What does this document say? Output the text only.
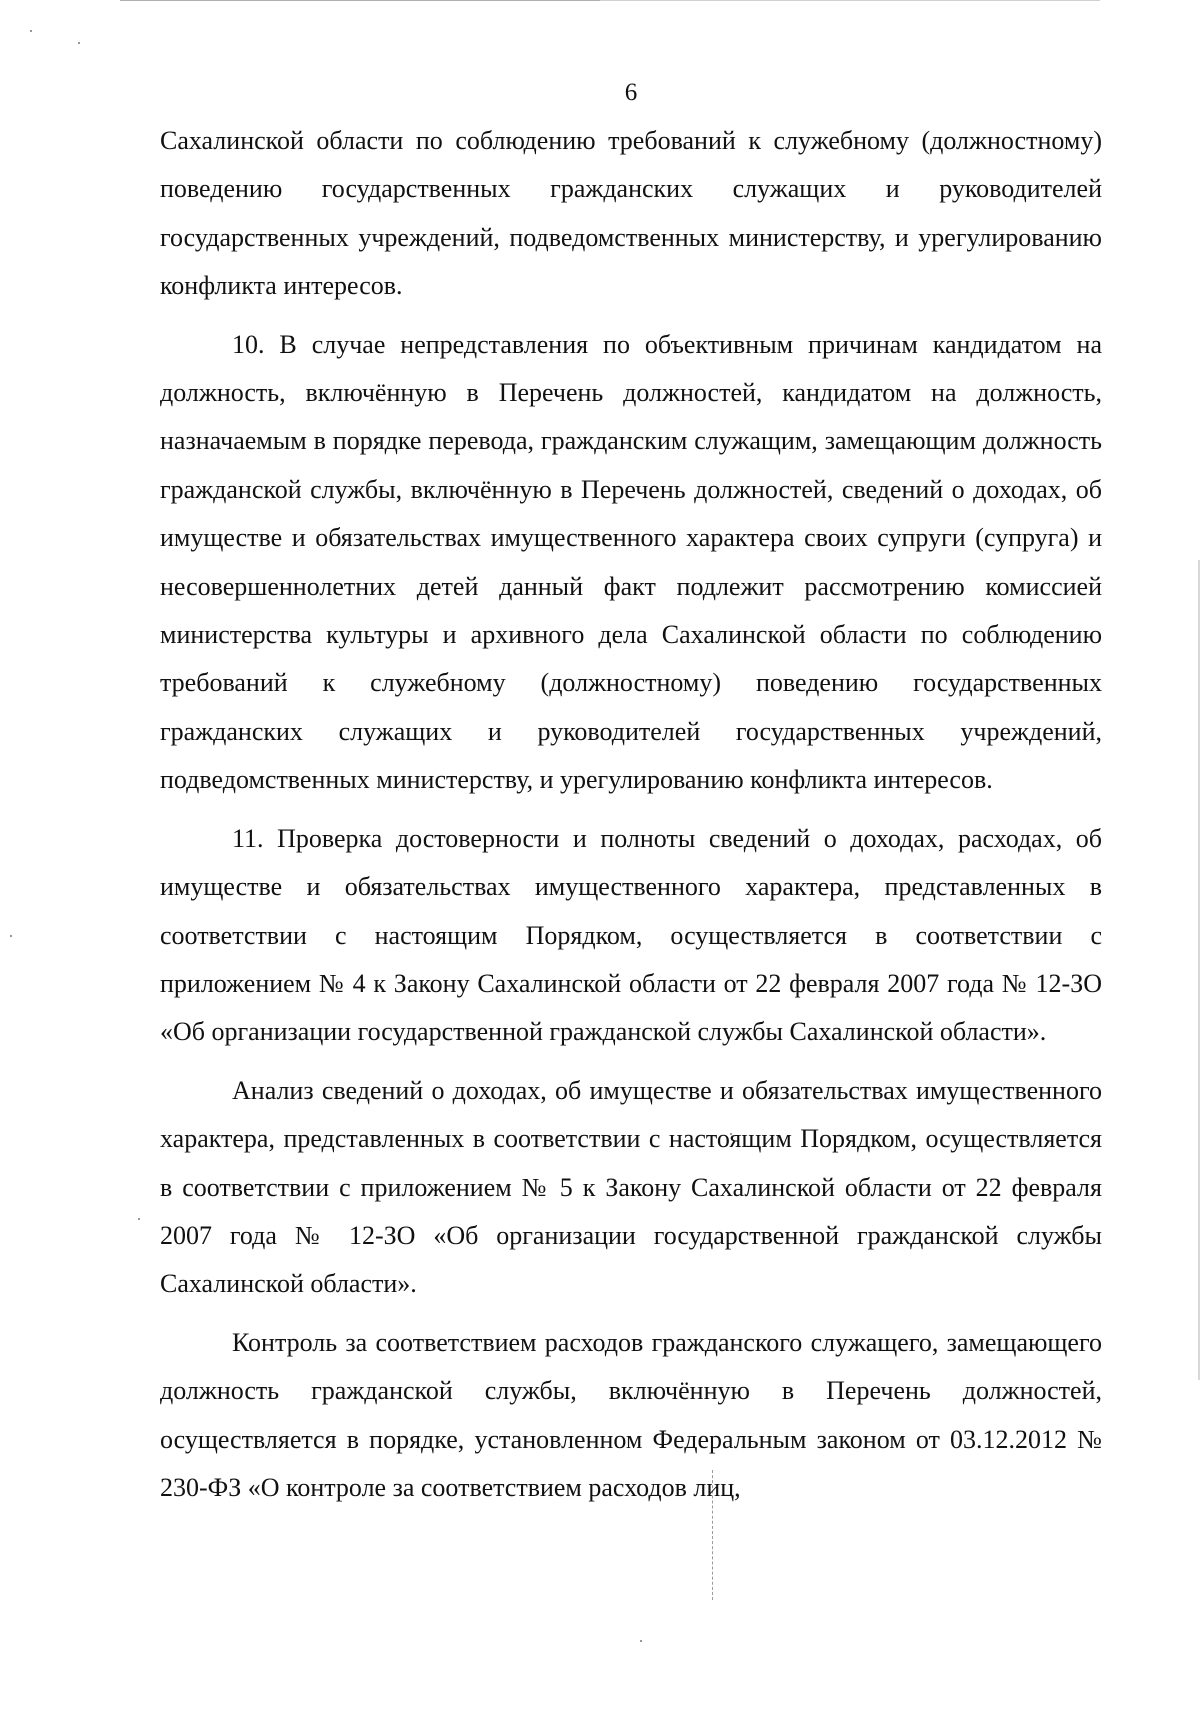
6

Сахалинской области по соблюдению требований к служебному (должностному) поведению государственных гражданских служащих и руководителей государственных учреждений, подведомственных министерству, и урегулированию конфликта интересов.

10. В случае непредставления по объективным причинам кандидатом на должность, включённую в Перечень должностей, кандидатом на должность, назначаемым в порядке перевода, гражданским служащим, замещающим должность гражданской службы, включённую в Перечень должностей, сведений о доходах, об имуществе и обязательствах имущественного характера своих супруги (супруга) и несовершеннолетних детей данный факт подлежит рассмотрению комиссией министерства культуры и архивного дела Сахалинской области по соблюдению требований к служебному (должностному) поведению государственных гражданских служащих и руководителей государственных учреждений, подведомственных министерству, и урегулированию конфликта интересов.

11. Проверка достоверности и полноты сведений о доходах, расходах, об имуществе и обязательствах имущественного характера, представленных в соответствии с настоящим Порядком, осуществляется в соответствии с приложением № 4 к Закону Сахалинской области от 22 февраля 2007 года № 12-ЗО «Об организации государственной гражданской службы Сахалинской области».

Анализ сведений о доходах, об имуществе и обязательствах имущественного характера, представленных в соответствии с настоящим Порядком, осуществляется в соответствии с приложением № 5 к Закону Сахалинской области от 22 февраля 2007 года № 12-ЗО «Об организации государственной гражданской службы Сахалинской области».

Контроль за соответствием расходов гражданского служащего, замещающего должность гражданской службы, включённую в Перечень должностей, осуществляется в порядке, установленном Федеральным законом от 03.12.2012 № 230-ФЗ «О контроле за соответствием расходов лиц,
